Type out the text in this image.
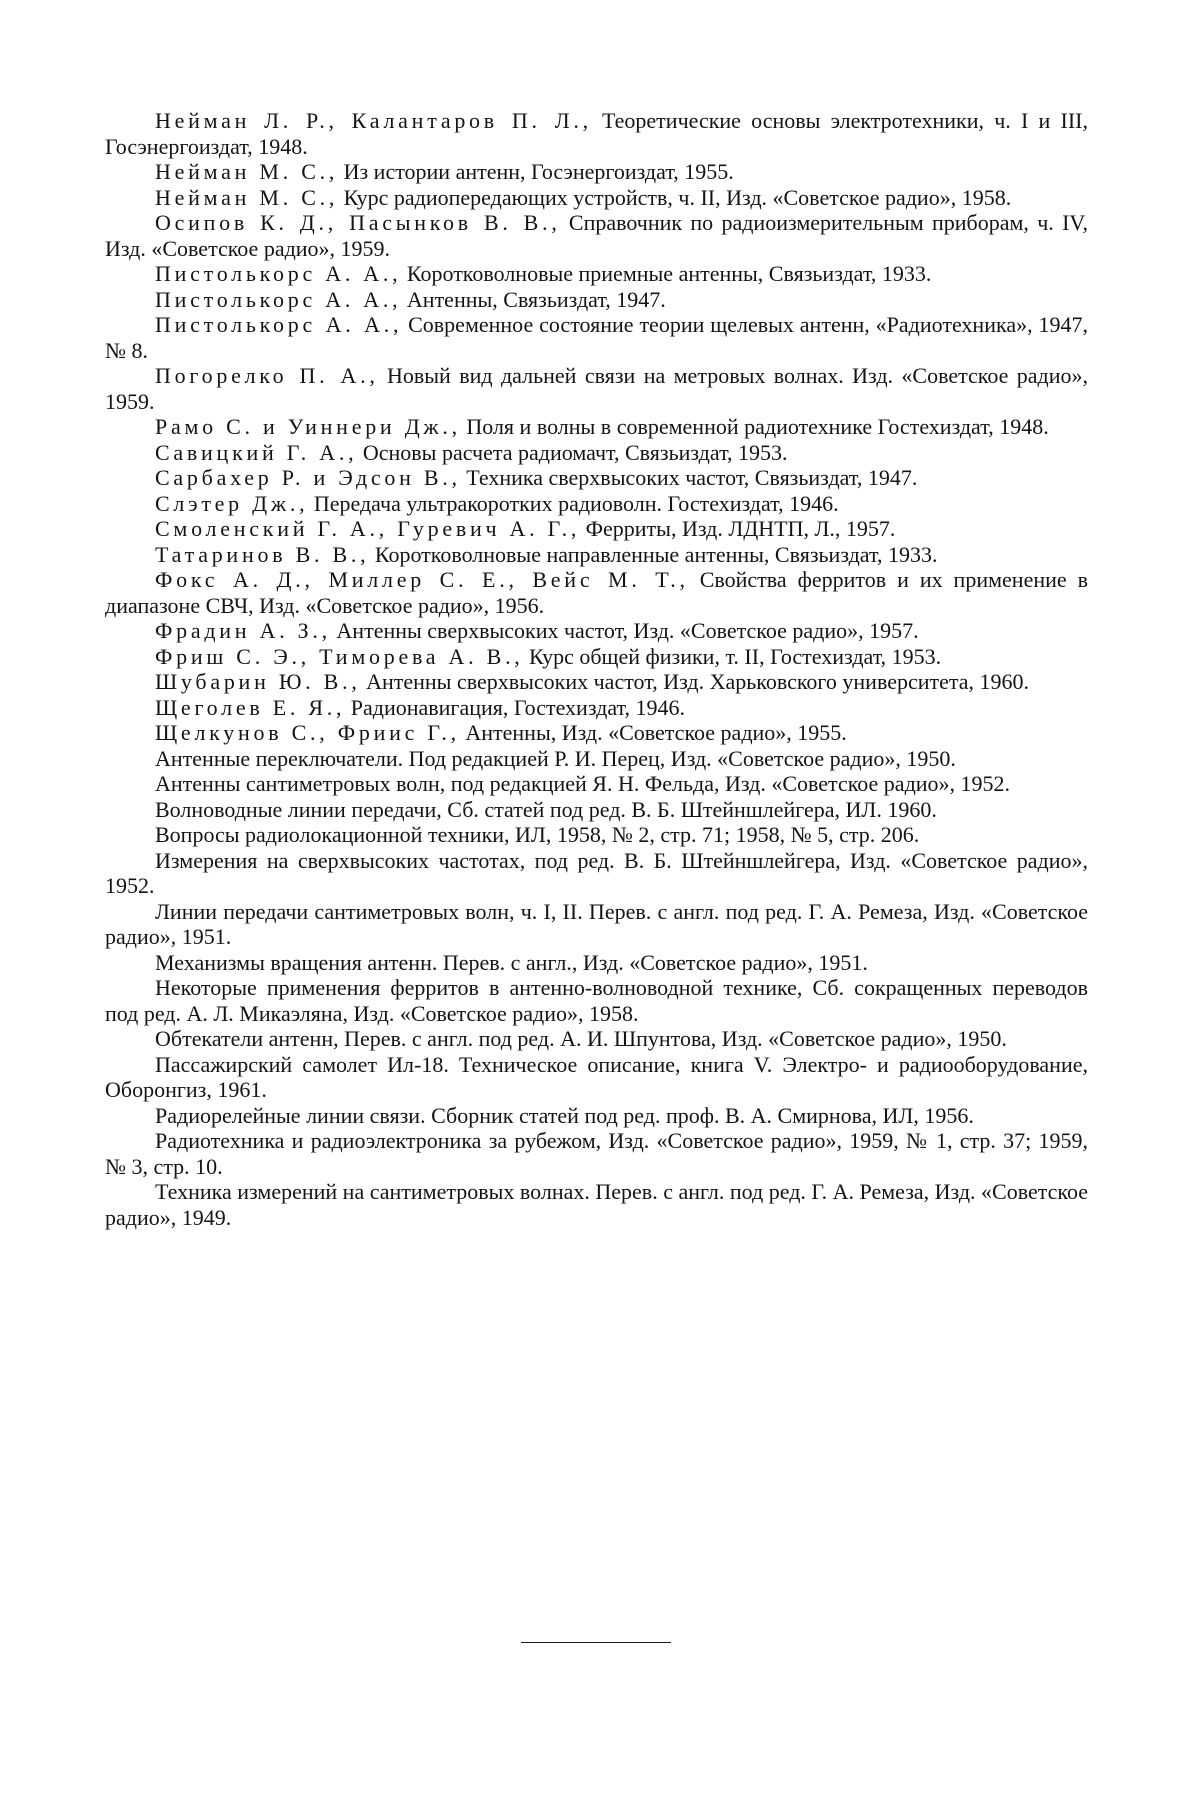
Нейман Л. Р., Калантаров П. Л., Теоретические основы электротехники, ч. I и III, Госэнергоиздат, 1948.

Нейман М. С., Из истории антенн, Госэнергоиздат, 1955.

Нейман М. С., Курс радиопередающих устройств, ч. II, Изд. «Советское радио», 1958.

Осипов К. Д., Пасынков В. В., Справочник по радиоизмерительным приборам, ч. IV, Изд. «Советское радио», 1959.

Пистолькорс А. А., Коротковолновые приемные антенны, Связьиздат, 1933.

Пистолькорс А. А., Антенны, Связьиздат, 1947.

Пистолькорс А. А., Современное состояние теории щелевых антенн, «Радиотехника», 1947, № 8.

Погорелко П. А., Новый вид дальней связи на метровых волнах. Изд. «Советское радио», 1959.

Рамо С. и Уиннери Дж., Поля и волны в современной радиотехнике Гостехиздат, 1948.

Савицкий Г. А., Основы расчета радиомачт, Связьиздат, 1953.

Сарбахер Р. и Эдсон В., Техника сверхвысоких частот, Связьиздат, 1947.

Слэтер Дж., Передача ультракоротких радиоволн. Гостехиздат, 1946.

Смоленский Г. А., Гуревич А. Г., Ферриты, Изд. ЛДНТП, Л., 1957.

Татаринов В. В., Коротковолновые направленные антенны, Связьиздат, 1933.

Фокс А. Д., Миллер С. Е., Вейс М. Т., Свойства ферритов и их применение в диапазоне СВЧ, Изд. «Советское радио», 1956.

Фрадин А. З., Антенны сверхвысоких частот, Изд. «Советское радио», 1957.

Фриш С. Э., Тиморева А. В., Курс общей физики, т. II, Гостехиздат, 1953.

Шубарин Ю. В., Антенны сверхвысоких частот, Изд. Харьковского университета, 1960.

Щеголев Е. Я., Радионавигация, Гостехиздат, 1946.

Щелкунов С., Фриис Г., Антенны, Изд. «Советское радио», 1955.

Антенные переключатели. Под редакцией Р. И. Перец, Изд. «Советское радио», 1950.

Антенны сантиметровых волн, под редакцией Я. Н. Фельда, Изд. «Советское радио», 1952.

Волноводные линии передачи, Сб. статей под ред. В. Б. Штейншлейгера, ИЛ. 1960.

Вопросы радиолокационной техники, ИЛ, 1958, № 2, стр. 71; 1958, № 5, стр. 206.

Измерения на сверхвысоких частотах, под ред. В. Б. Штейншлейгера, Изд. «Советское радио», 1952.

Линии передачи сантиметровых волн, ч. I, II. Перев. с англ. под ред. Г. А. Ремеза, Изд. «Советское радио», 1951.

Механизмы вращения антенн. Перев. с англ., Изд. «Советское радио», 1951.

Некоторые применения ферритов в антенно-волноводной технике, Сб. сокращенных переводов под ред. А. Л. Микаэляна, Изд. «Советское радио», 1958.

Обтекатели антенн, Перев. с англ. под ред. А. И. Шпунтова, Изд. «Советское радио», 1950.

Пассажирский самолет Ил-18. Техническое описание, книга V. Электро- и радиооборудование, Оборонгиз, 1961.

Радиорелейные линии связи. Сборник статей под ред. проф. В. А. Смирнова, ИЛ, 1956.

Радиотехника и радиоэлектроника за рубежом, Изд. «Советское радио», 1959, № 1, стр. 37; 1959, № 3, стр. 10.

Техника измерений на сантиметровых волнах. Перев. с англ. под ред. Г. А. Ремеза, Изд. «Советское радио», 1949.
